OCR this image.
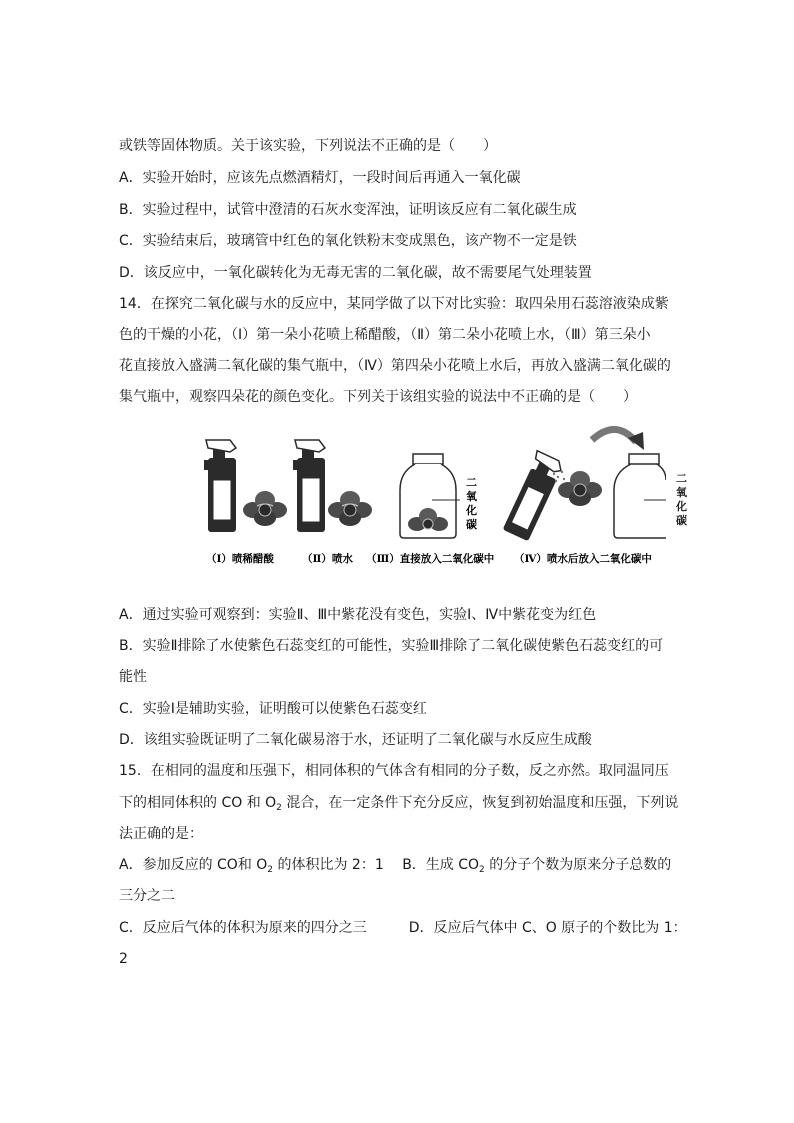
或铁等固体物质。关于该实验，下列说法不正确的是（　　）
A．实验开始时，应该先点燃酒精灯，一段时间后再通入一氧化碳
B．实验过程中，试管中澄清的石灰水变浑浊，证明该反应有二氧化碳生成
C．实验结束后，玻璃管中红色的氧化铁粉末变成黑色，该产物不一定是铁
D．该反应中，一氧化碳转化为无毒无害的二氧化碳，故不需要尾气处理装置
14．在探究二氧化碳与水的反应中，某同学做了以下对比实验：取四朵用石蕊溶液染成紫
色的干燥的小花，（Ⅰ）第一朵小花喷上稀醋酸，（Ⅱ）第二朵小花喷上水，（Ⅲ）第三朵小
花直接放入盛满二氧化碳的集气瓶中，（Ⅳ）第四朵小花喷上水后，再放入盛满二氧化碳的
集气瓶中，观察四朵花的颜色变化。下列关于该组实验的说法中不正确的是（　　）
二
氧
化
碳
（Ⅰ）喷稀醋酸	（Ⅱ）喷水 （Ⅲ）直接放入二氧化碳中 （Ⅳ）喷水后放入二氧化碳中
二
氧
化
碳
A．通过实验可观察到：实验Ⅱ、Ⅲ中紫花没有变色，实验Ⅰ、Ⅳ中紫花变为红色
B．实验Ⅱ排除了水使紫色石蕊变红的可能性，实验Ⅲ排除了二氧化碳使紫色石蕊变红的可
能性
C．实验Ⅰ是辅助实验，证明酸可以使紫色石蕊变红
D．该组实验既证明了二氧化碳易溶于水，还证明了二氧化碳与水反应生成酸
15．在相同的温度和压强下，相同体积的气体含有相同的分子数，反之亦然。取同温同压
下的相同体积的 CO 和 $O_2$ 混合，在一定条件下充分反应，恢复到初始温度和压强，下列说
法正确的是：
A．参加反应的 CO和 $O_2$ 的体积比为 2：1　 B．生成 $CO_2$ 的分子个数为原来分子总数的
三分之二
C．反应后气体的体积为原来的四分之三　　　D．反应后气体中 C、O 原子的个数比为 1：
2
